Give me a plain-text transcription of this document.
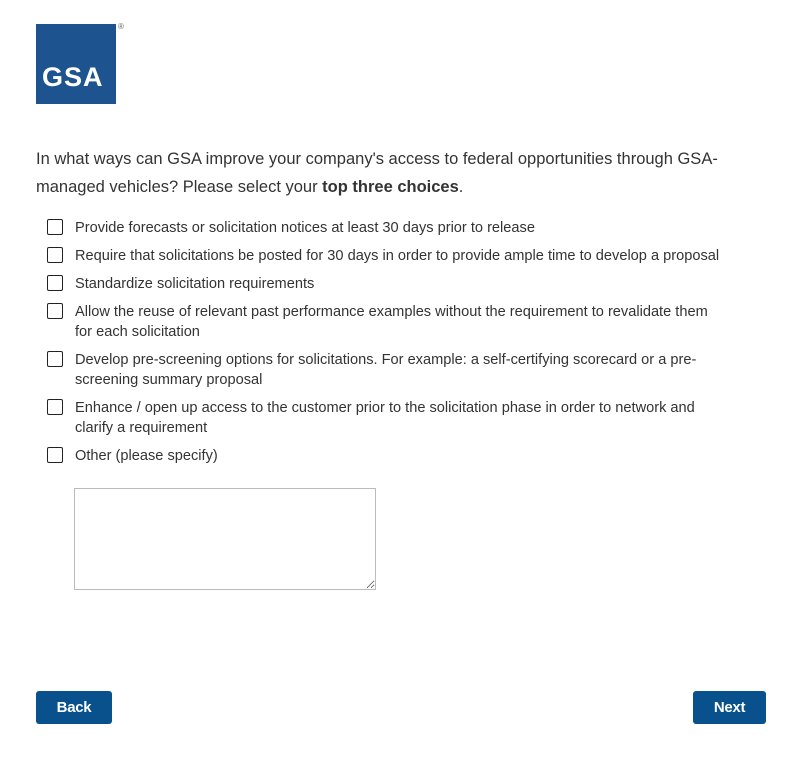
GSA
®
In what ways can GSA improve your company's access to federal opportunities through GSA-managed vehicles? Please select your top three choices.
Provide forecasts or solicitation notices at least 30 days prior to release
Require that solicitations be posted for 30 days in order to provide ample time to develop a proposal
Standardize solicitation requirements
Allow the reuse of relevant past performance examples without the requirement to revalidate them for each solicitation
Develop pre-screening options for solicitations. For example: a self-certifying scorecard or a pre-screening summary proposal
Enhance / open up access to the customer prior to the solicitation phase in order to network and clarify a requirement
Other (please specify)
Back	Next
